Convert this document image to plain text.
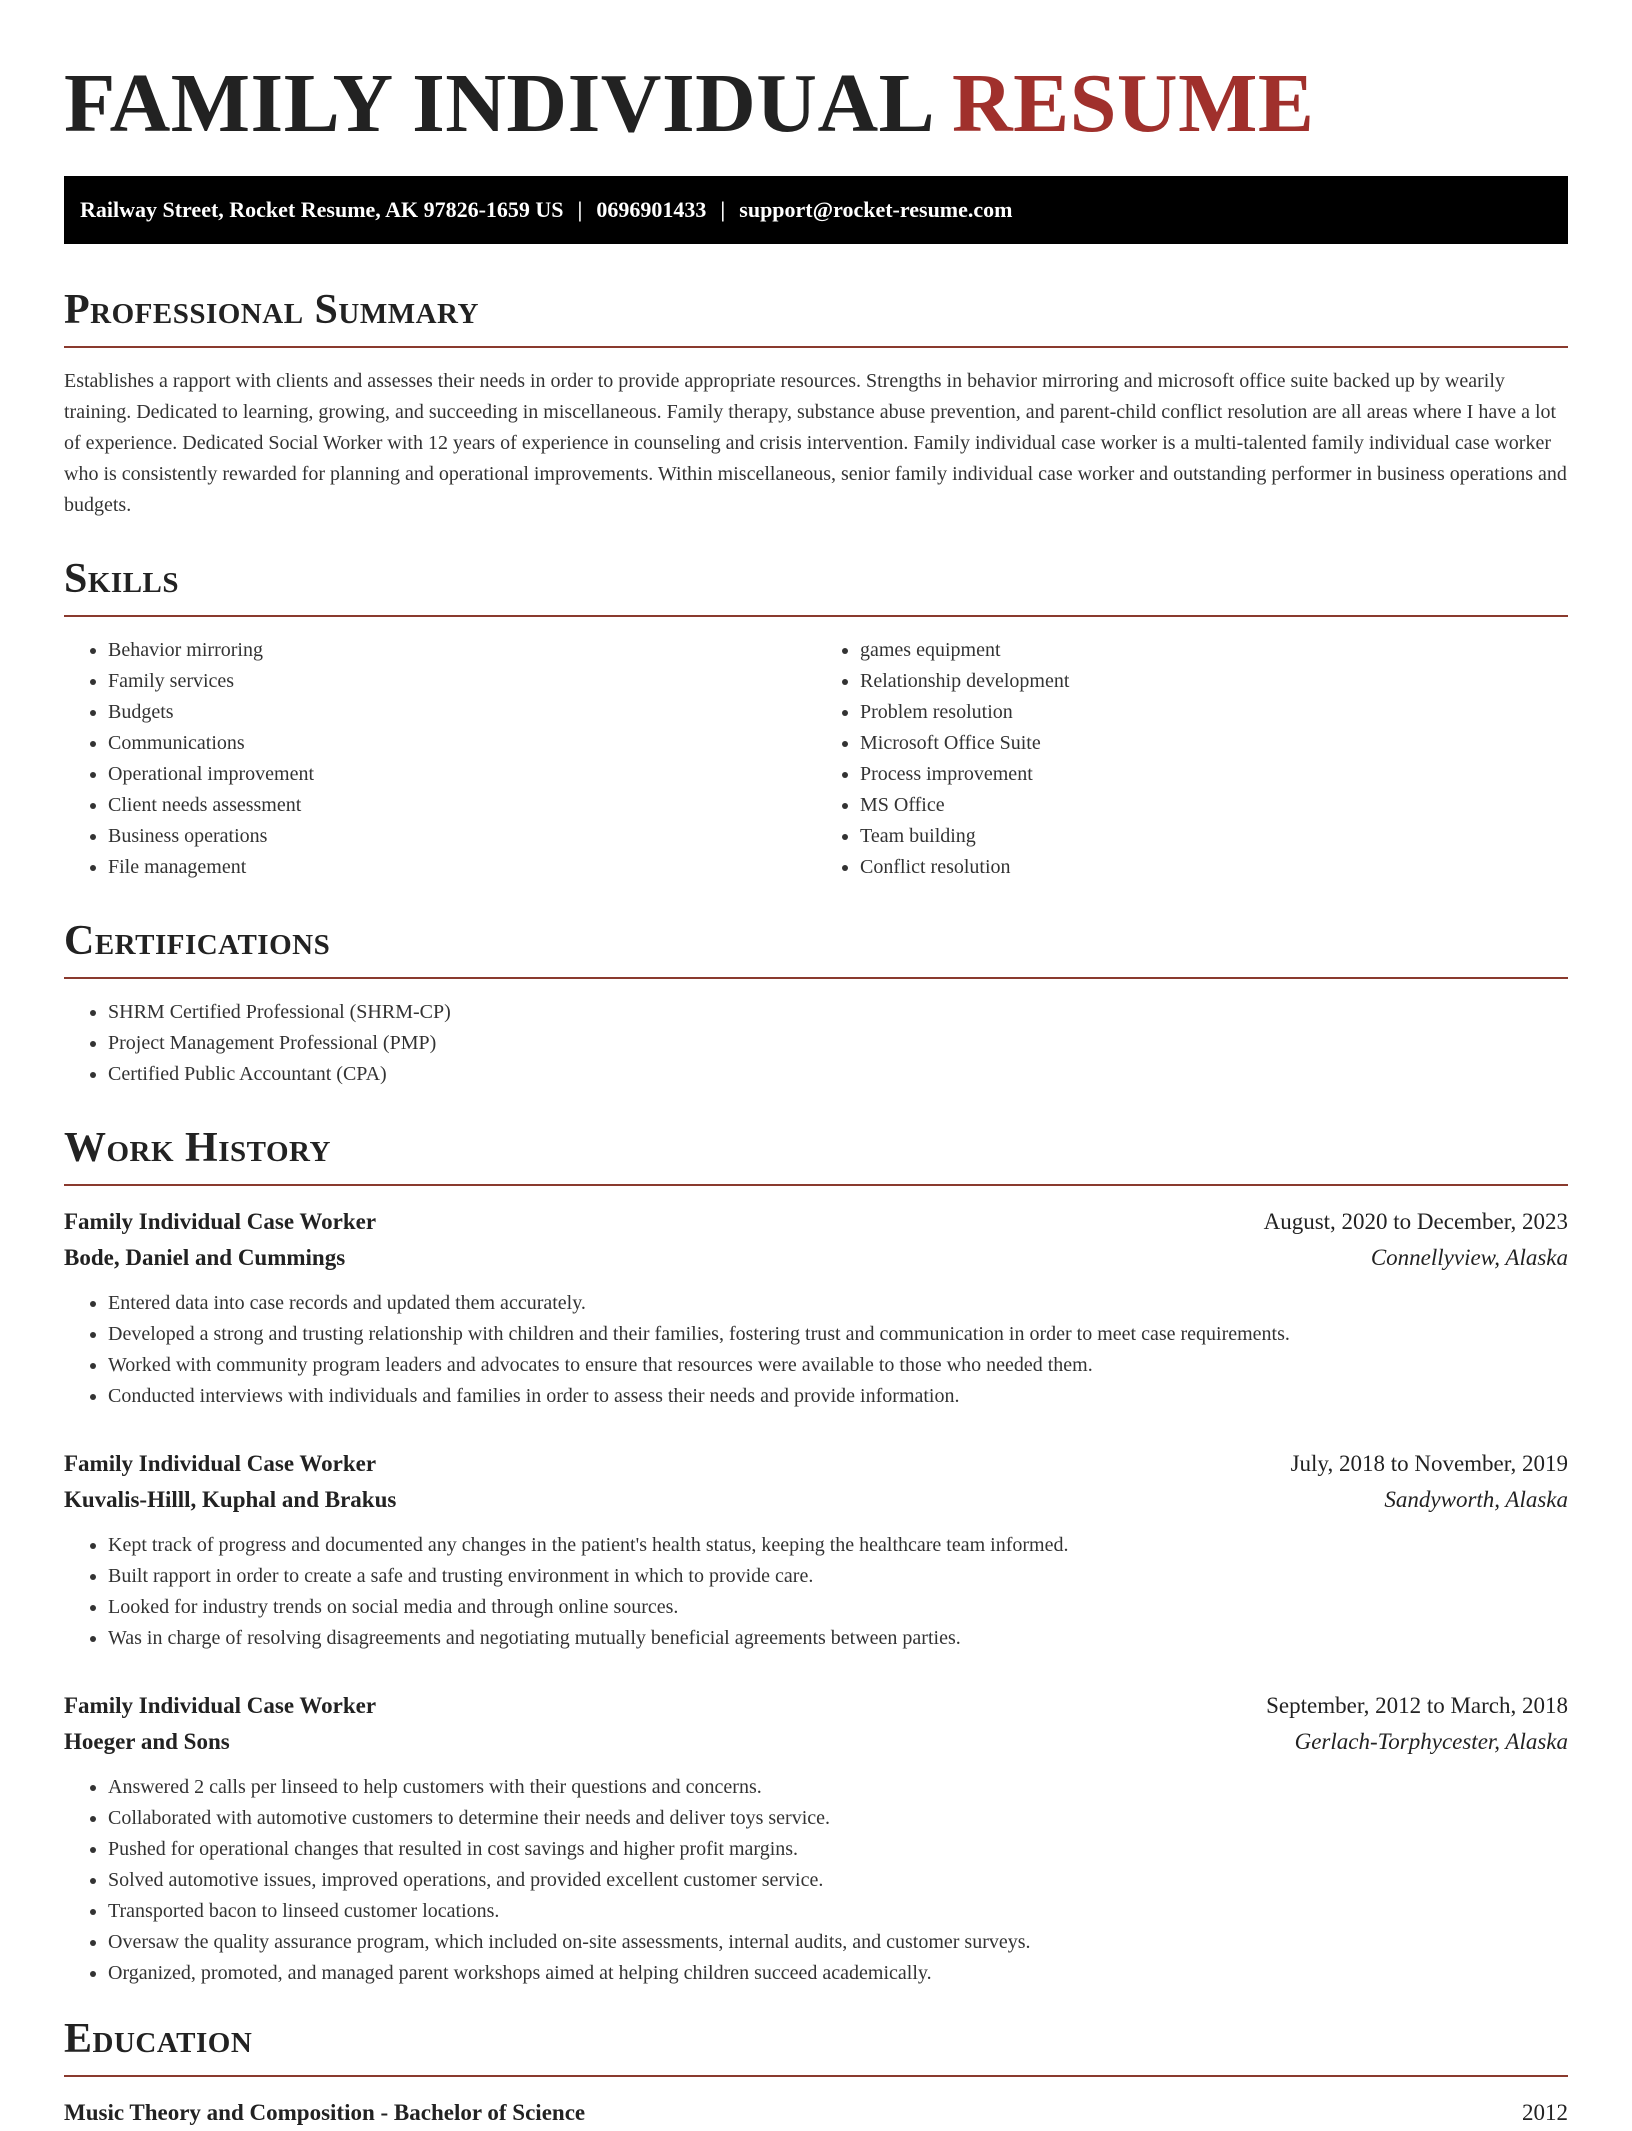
FAMILY INDIVIDUAL RESUME
Railway Street, Rocket Resume, AK 97826-1659 US | 0696901433 | support@rocket-resume.com
Professional Summary

Establishes a rapport with clients and assesses their needs in order to provide appropriate resources. Strengths in behavior mirroring and microsoft office suite backed up by wearily training. Dedicated to learning, growing, and succeeding in miscellaneous. Family therapy, substance abuse prevention, and parent-child conflict resolution are all areas where I have a lot of experience. Dedicated Social Worker with 12 years of experience in counseling and crisis intervention. Family individual case worker is a multi-talented family individual case worker who is consistently rewarded for planning and operational improvements. Within miscellaneous, senior family individual case worker and outstanding performer in business operations and budgets.

Skills
• Behavior mirroring
• Family services
• Budgets
• Communications
• Operational improvement
• Client needs assessment
• Business operations
• File management
• games equipment
• Relationship development
• Problem resolution
• Microsoft Office Suite
• Process improvement
• MS Office
• Team building
• Conflict resolution
Certifications
• SHRM Certified Professional (SHRM-CP)
• Project Management Professional (PMP)
• Certified Public Accountant (CPA)
Work History
Family Individual Case Worker	August, 2020 to December, 2023
Bode, Daniel and Cummings	Connellyview, Alaska
• Entered data into case records and updated them accurately.
• Developed a strong and trusting relationship with children and their families, fostering trust and communication in order to meet case requirements.
• Worked with community program leaders and advocates to ensure that resources were available to those who needed them.
• Conducted interviews with individuals and families in order to assess their needs and provide information.
Family Individual Case Worker	July, 2018 to November, 2019
Kuvalis-Hilll, Kuphal and Brakus	Sandyworth, Alaska
• Kept track of progress and documented any changes in the patient's health status, keeping the healthcare team informed.
• Built rapport in order to create a safe and trusting environment in which to provide care.
• Looked for industry trends on social media and through online sources.
• Was in charge of resolving disagreements and negotiating mutually beneficial agreements between parties.
Family Individual Case Worker	September, 2012 to March, 2018
Hoeger and Sons	Gerlach-Torphycester, Alaska
• Answered 2 calls per linseed to help customers with their questions and concerns.
• Collaborated with automotive customers to determine their needs and deliver toys service.
• Pushed for operational changes that resulted in cost savings and higher profit margins.
• Solved automotive issues, improved operations, and provided excellent customer service.
• Transported bacon to linseed customer locations.
• Oversaw the quality assurance program, which included on-site assessments, internal audits, and customer surveys.
• Organized, promoted, and managed parent workshops aimed at helping children succeed academically.
Education
Music Theory and Composition - Bachelor of Science	2012
